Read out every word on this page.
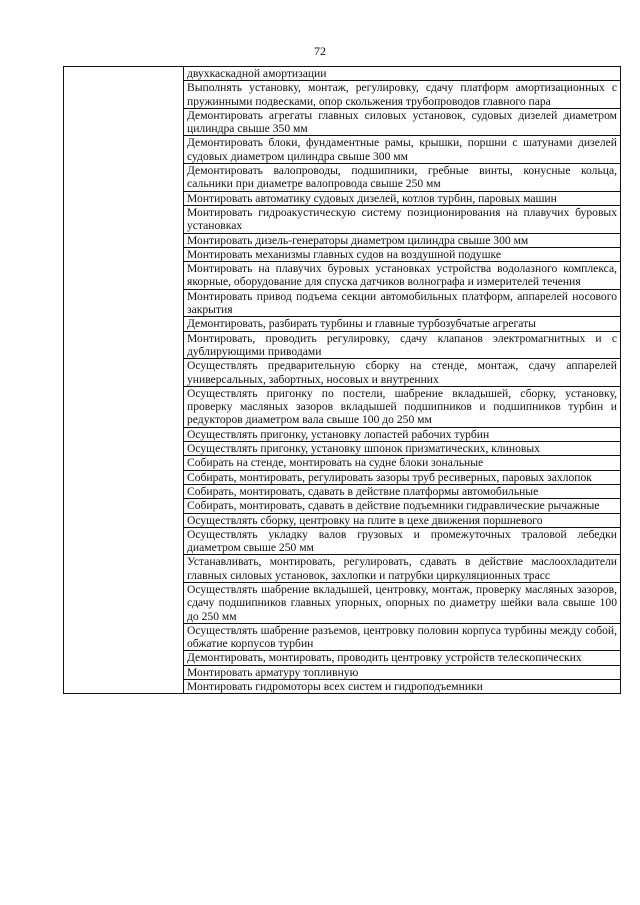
72
	двухкаскадной амортизации
Выполнять установку, монтаж, регулировку, сдачу платформ амортизационных с пружинными подвесками, опор скольжения трубопроводов главного пара
Демонтировать агрегаты главных силовых установок, судовых дизелей диаметром цилиндра свыше 350 мм
Демонтировать блоки, фундаментные рамы, крышки, поршни с шатунами дизелей судовых диаметром цилиндра свыше 300 мм
Демонтировать валопроводы, подшипники, гребные винты, конусные кольца, сальники при диаметре валопровода свыше 250 мм
Монтировать автоматику судовых дизелей, котлов турбин, паровых машин
Монтировать гидроакустическую систему позиционирования на плавучих буровых установках
Монтировать дизель-генераторы диаметром цилиндра свыше 300 мм
Монтировать механизмы главных судов на воздушной подушке
Монтировать на плавучих буровых установках устройства водолазного комплекса, якорные, оборудование для спуска датчиков волнографа и измерителей течения
Монтировать привод подъема секции автомобильных платформ, аппарелей носового закрытия
Демонтировать, разбирать турбины и главные турбозубчатые агрегаты
Монтировать, проводить регулировку, сдачу клапанов электромагнитных и с дублирующими приводами
Осуществлять предварительную сборку на стенде, монтаж, сдачу аппарелей универсальных, забортных, носовых и внутренних
Осуществлять пригонку по постели, шабрение вкладышей, сборку, установку, проверку масляных зазоров вкладышей подшипников и подшипников турбин и редукторов диаметром вала свыше 100 до 250 мм
Осуществлять пригонку, установку лопастей рабочих турбин
Осуществлять пригонку, установку шпонок призматических, клиновых
Собирать на стенде, монтировать на судне блоки зональные
Собирать, монтировать, регулировать зазоры труб ресиверных, паровых захлопок
Собирать, монтировать, сдавать в действие платформы автомобильные
Собирать, монтировать, сдавать в действие подъемники гидравлические рычажные
Осуществлять сборку, центровку на плите в цехе движения поршневого
Осуществлять укладку валов грузовых и промежуточных траловой лебедки диаметром свыше 250 мм
Устанавливать, монтировать, регулировать, сдавать в действие маслоохладители главных силовых установок, захлопки и патрубки циркуляционных трасс
Осуществлять шабрение вкладышей, центровку, монтаж, проверку масляных зазоров, сдачу подшипников главных упорных, опорных по диаметру шейки вала свыше 100 до 250 мм
Осуществлять шабрение разъемов, центровку половин корпуса турбины между собой, обжатие корпусов турбин
Демонтировать, монтировать, проводить центровку устройств телескопических
Монтировать арматуру топливную
Монтировать гидромоторы всех систем и гидроподъемники
